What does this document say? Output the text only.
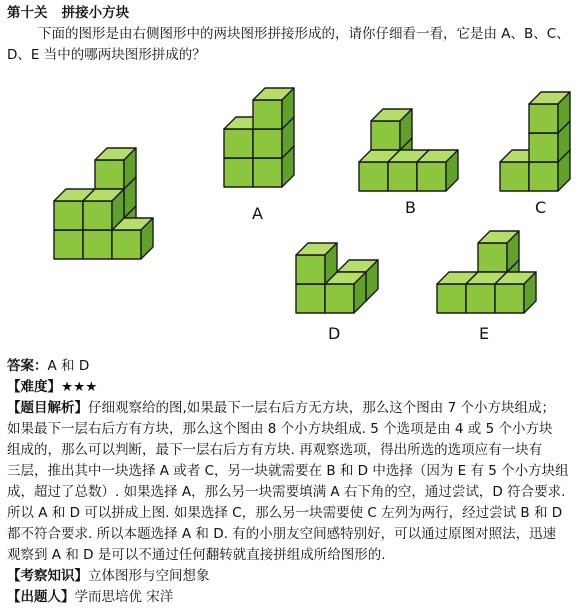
第十关 拼接小方块
下面的图形是由右侧图形中的两块图形拼接形成的，请你仔细看一看，它是由 A、B、C、
D、E 当中的哪两块图形拼成的？
A	B	C
D	E
答案：A 和 D
【难度】★★★
【题目解析】仔细观察给的图,如果最下一层右后方无方块，那么这个图由 7 个小方块组成；
如果最下一层右后方有方块，那么这个图由 8 个小方块组成. 5 个选项是由 4 或 5 个小方块
组成的，那么可以判断，最下一层右后方有方块. 再观察选项，得出所选的选项应有一块有
三层，推出其中一块选择 A 或者 C，另一块就需要在 B 和 D 中选择（因为 E 有 5 个小方块组
成，超过了总数）. 如果选择 A，那么另一块需要填满 A 右下角的空，通过尝试，D 符合要求.
所以 A 和 D 可以拼成上图. 如果选择 C，那么另一块需要使 C 左列为两行，经过尝试 B 和 D
都不符合要求. 所以本题选择 A 和 D. 有的小朋友空间感特别好，可以通过原图对照法，迅速
观察到 A 和 D 是可以不通过任何翻转就直接拼组成所给图形的.
【考察知识】立体图形与空间想象
【出题人】学而思培优 宋洋
